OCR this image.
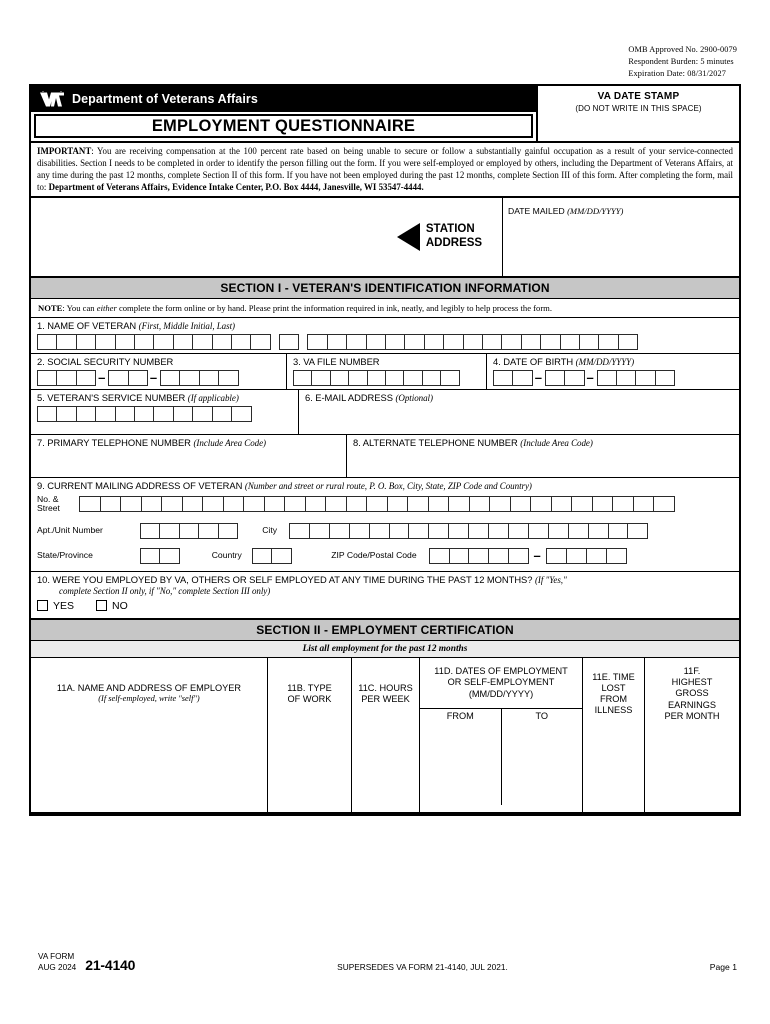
OMB Approved No. 2900-0079
Respondent Burden: 5 minutes
Expiration Date: 08/31/2027
Department of Veterans Affairs
EMPLOYMENT QUESTIONNAIRE
VA DATE STAMP
(DO NOT WRITE IN THIS SPACE)
IMPORTANT: You are receiving compensation at the 100 percent rate based on being unable to secure or follow a substantially gainful occupation as a result of your service-connected disabilities. Section I needs to be completed in order to identify the person filling out the form. If you were self-employed or employed by others, including the Department of Veterans Affairs, at any time during the past 12 months, complete Section II of this form. If you have not been employed during the past 12 months, complete Section III of this form. After completing the form, mail to: Department of Veterans Affairs, Evidence Intake Center, P.O. Box 4444, Janesville, WI 53547-4444.
STATION
ADDRESS
DATE MAILED (MM/DD/YYYY)
SECTION I - VETERAN'S IDENTIFICATION INFORMATION
NOTE: You can either complete the form online or by hand. Please print the information required in ink, neatly, and legibly to help process the form.
1. NAME OF VETERAN (First, Middle Initial, Last)
2. SOCIAL SECURITY NUMBER
–	–
3. VA FILE NUMBER	4. DATE OF BIRTH (MM/DD/YYYY)
–	–
5. VETERAN'S SERVICE NUMBER (If applicable)	6. E-MAIL ADDRESS (Optional)
7. PRIMARY TELEPHONE NUMBER (Include Area Code)	8. ALTERNATE TELEPHONE NUMBER (Include Area Code)
9. CURRENT MAILING ADDRESS OF VETERAN (Number and street or rural route, P. O. Box, City, State, ZIP Code and Country)
No. &
Street
Apt./Unit Number	City
State/Province	Country	ZIP Code/Postal Code	–
10. WERE YOU EMPLOYED BY VA, OTHERS OR SELF EMPLOYED AT ANY TIME DURING THE PAST 12 MONTHS? (If "Yes,"
complete Section II only, if "No," complete Section III only)
YES	NO
SECTION II - EMPLOYMENT CERTIFICATION
List all employment for the past 12 months
11A. NAME AND ADDRESS OF EMPLOYER
(If self-employed, write "self")
11B. TYPE
OF WORK
11C. HOURS
PER WEEK
11D. DATES OF EMPLOYMENT
OR SELF-EMPLOYMENT
(MM/DD/YYYY)
FROM	TO
11E. TIME
LOST
FROM
ILLNESS
11F.
HIGHEST
GROSS
EARNINGS
PER MONTH
VA FORM
AUG 2024 21-4140	SUPERSEDES VA FORM 21-4140, JUL 2021.	Page 1
